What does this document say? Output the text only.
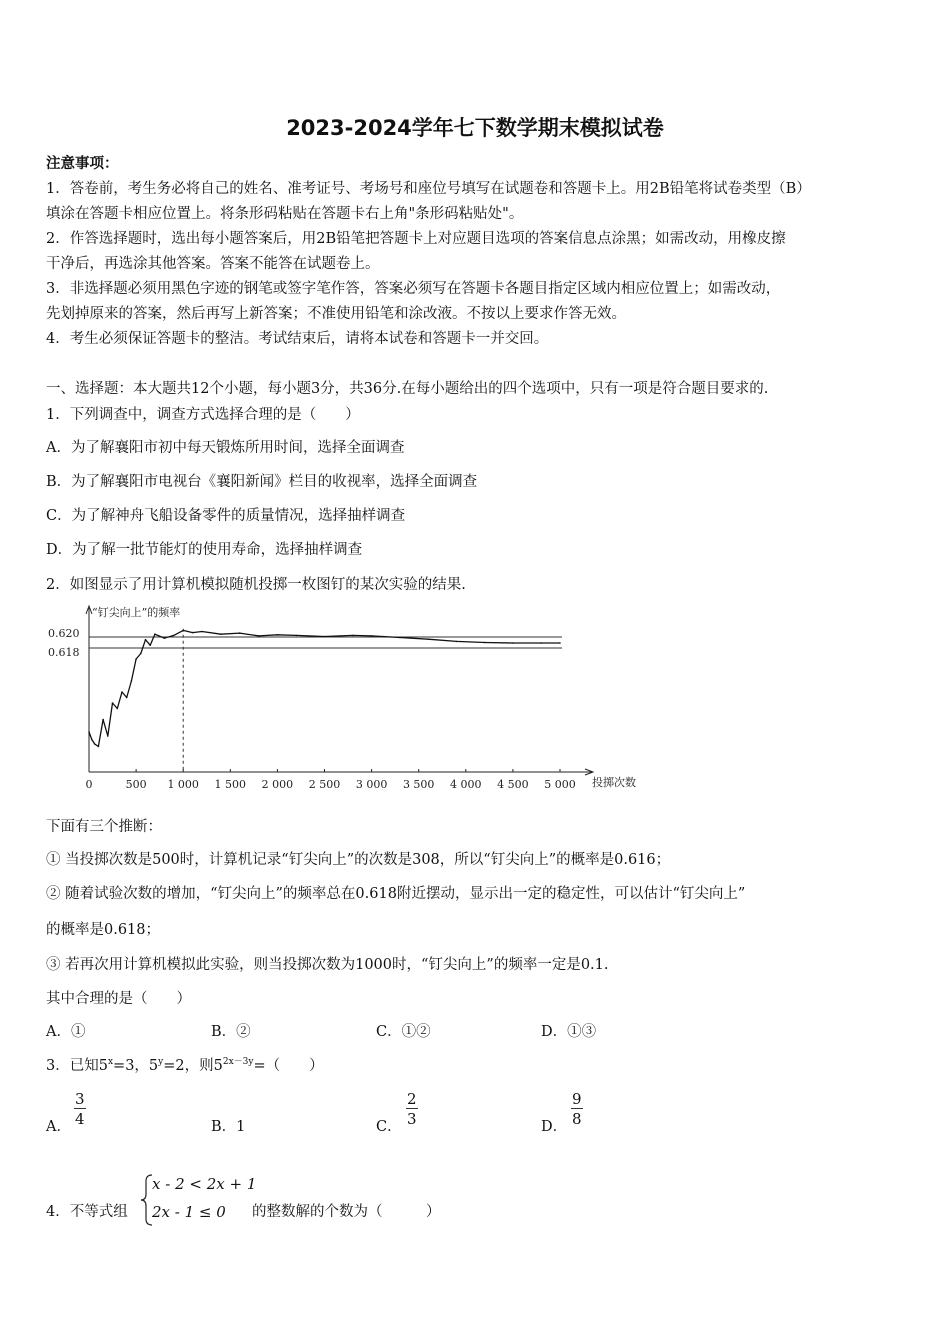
2023-2024学年七下数学期末模拟试卷
注意事项：
1．答卷前，考生务必将自己的姓名、准考证号、考场号和座位号填写在试题卷和答题卡上。用2B铅笔将试卷类型（B）
填涂在答题卡相应位置上。将条形码粘贴在答题卡右上角"条形码粘贴处"。
2．作答选择题时，选出每小题答案后，用2B铅笔把答题卡上对应题目选项的答案信息点涂黑；如需改动，用橡皮擦
干净后，再选涂其他答案。答案不能答在试题卷上。
3．非选择题必须用黑色字迹的钢笔或签字笔作答，答案必须写在答题卡各题目指定区域内相应位置上；如需改动，
先划掉原来的答案，然后再写上新答案；不准使用铅笔和涂改液。不按以上要求作答无效。
4．考生必须保证答题卡的整洁。考试结束后，请将本试卷和答题卡一并交回。
一、选择题：本大题共12个小题，每小题3分，共36分.在每小题给出的四个选项中，只有一项是符合题目要求的.
1．下列调查中，调查方式选择合理的是（　　）
A．为了解襄阳市初中每天锻炼所用时间，选择全面调查
B．为了解襄阳市电视台《襄阳新闻》栏目的收视率，选择全面调查
C．为了解神舟飞船设备零件的质量情况，选择抽样调查
D．为了解一批节能灯的使用寿命，选择抽样调查
2．如图显示了用计算机模拟随机投掷一枚图钉的某次实验的结果.
“钉尖向上”的频率
投掷次数
0.620
0.618
0	500 1 000 1 500 2 000 2 500 3 000 3 500 4 000 4 500 5 000
下面有三个推断：
① 当投掷次数是500时，计算机记录“钉尖向上”的次数是308，所以“钉尖向上”的概率是0.616；
② 随着试验次数的增加，“钉尖向上”的频率总在0.618附近摆动，显示出一定的稳定性，可以估计“钉尖向上”
的概率是0.618；
③ 若再次用计算机模拟此实验，则当投掷次数为1000时，“钉尖向上”的频率一定是0.1.
其中合理的是（　　）
A．①	B．②	C．①②	D．①③
3．已知$5^x=3$，$5^y=2$，则$5^{2x-3y}=$（　　）
A． $\frac{3}{4}$	B．1	C． $\frac{2}{3}$	D． $\frac{9}{8}$
4．不等式组
x - 2 < 2x + 1
2x - 1 ≤ 0 的整数解的个数为（　　　）
